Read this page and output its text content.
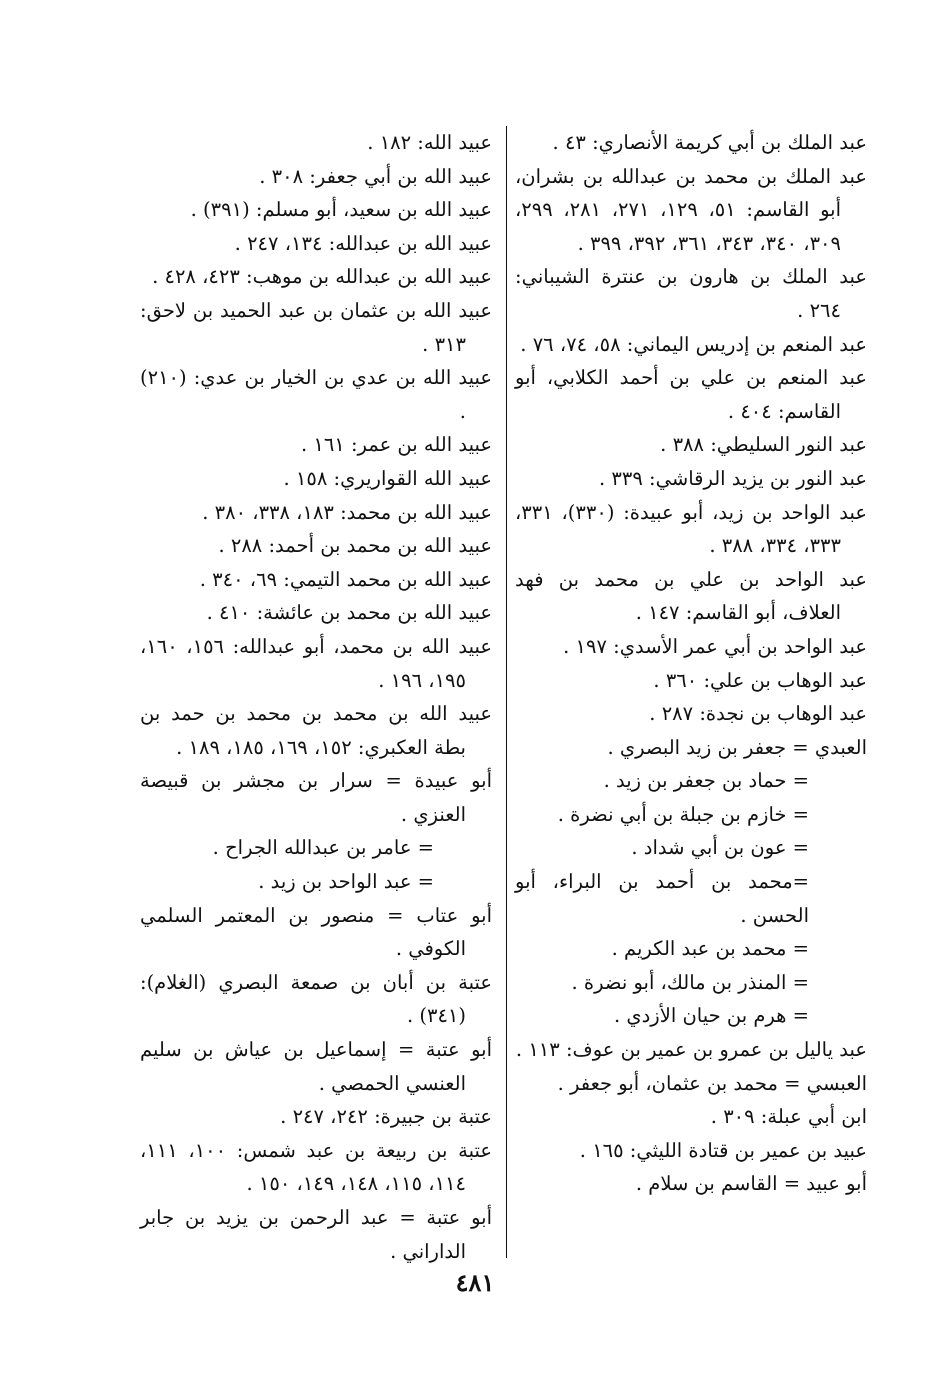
عبد الملك بن أبي كريمة الأنصاري: ٤٣ .

عبد الملك بن محمد بن عبدالله بن بشران، أبو القاسم: ٥١، ١٢٩، ٢٧١، ٢٨١، ٢٩٩، ٣٠٩، ٣٤٠، ٣٤٣، ٣٦١، ٣٩٢، ٣٩٩ .

عبد الملك بن هارون بن عنترة الشيباني: ٢٦٤ .

عبد المنعم بن إدريس اليماني: ٥٨، ٧٤، ٧٦ .

عبد المنعم بن علي بن أحمد الكلابي، أبو القاسم: ٤٠٤ .

عبد النور السليطي: ٣٨٨ .

عبد النور بن يزيد الرقاشي: ٣٣٩ .

عبد الواحد بن زيد، أبو عبيدة: (٣٣٠)، ٣٣١، ٣٣٣، ٣٣٤، ٣٨٨ .

عبد الواحد بن علي بن محمد بن فهد العلاف، أبو القاسم: ١٤٧ .

عبد الواحد بن أبي عمر الأسدي: ١٩٧ .

عبد الوهاب بن علي: ٣٦٠ .

عبد الوهاب بن نجدة: ٢٨٧ .

العبدي = جعفر بن زيد البصري .

= حماد بن جعفر بن زيد .

= خازم بن جبلة بن أبي نضرة .

= عون بن أبي شداد .

=محمد بن أحمد بن البراء، أبو الحسن .

= محمد بن عبد الكريم .

= المنذر بن مالك، أبو نضرة .

= هرم بن حيان الأزدي .

عبد ياليل بن عمرو بن عمير بن عوف: ١١٣ .

العبسي = محمد بن عثمان، أبو جعفر .

ابن أبي عبلة: ٣٠٩ .

عبيد بن عمير بن قتادة الليثي: ١٦٥ .

أبو عبيد = القاسم بن سلام .

عبيد الله: ١٨٢ .

عبيد الله بن أبي جعفر: ٣٠٨ .

عبيد الله بن سعيد، أبو مسلم: (٣٩١) .

عبيد الله بن عبدالله: ١٣٤، ٢٤٧ .

عبيد الله بن عبدالله بن موهب: ٤٢٣، ٤٢٨ .

عبيد الله بن عثمان بن عبد الحميد بن لاحق: ٣١٣ .

عبيد الله بن عدي بن الخيار بن عدي: (٢١٠) .

عبيد الله بن عمر: ١٦١ .

عبيد الله القواريري: ١٥٨ .

عبيد الله بن محمد: ١٨٣، ٣٣٨، ٣٨٠ .

عبيد الله بن محمد بن أحمد: ٢٨٨ .

عبيد الله بن محمد التيمي: ٦٩، ٣٤٠ .

عبيد الله بن محمد بن عائشة: ٤١٠ .

عبيد الله بن محمد، أبو عبدالله: ١٥٦، ١٦٠، ١٩٥، ١٩٦ .

عبيد الله بن محمد بن محمد بن حمد بن بطة العكبري: ١٥٢، ١٦٩، ١٨٥، ١٨٩ .

أبو عبيدة = سرار بن مجشر بن قبيصة العنزي .

= عامر بن عبدالله الجراح .

= عبد الواحد بن زيد .

أبو عتاب = منصور بن المعتمر السلمي الكوفي .

عتبة بن أبان بن صمعة البصري (الغلام): (٣٤١) .

أبو عتبة = إسماعيل بن عياش بن سليم العنسي الحمصي .

عتبة بن جبيرة: ٢٤٢، ٢٤٧ .

عتبة بن ربيعة بن عبد شمس: ١٠٠، ١١١، ١١٤، ١١٥، ١٤٨، ١٤٩، ١٥٠ .

أبو عتبة = عبد الرحمن بن يزيد بن جابر الداراني .

٤٨١
